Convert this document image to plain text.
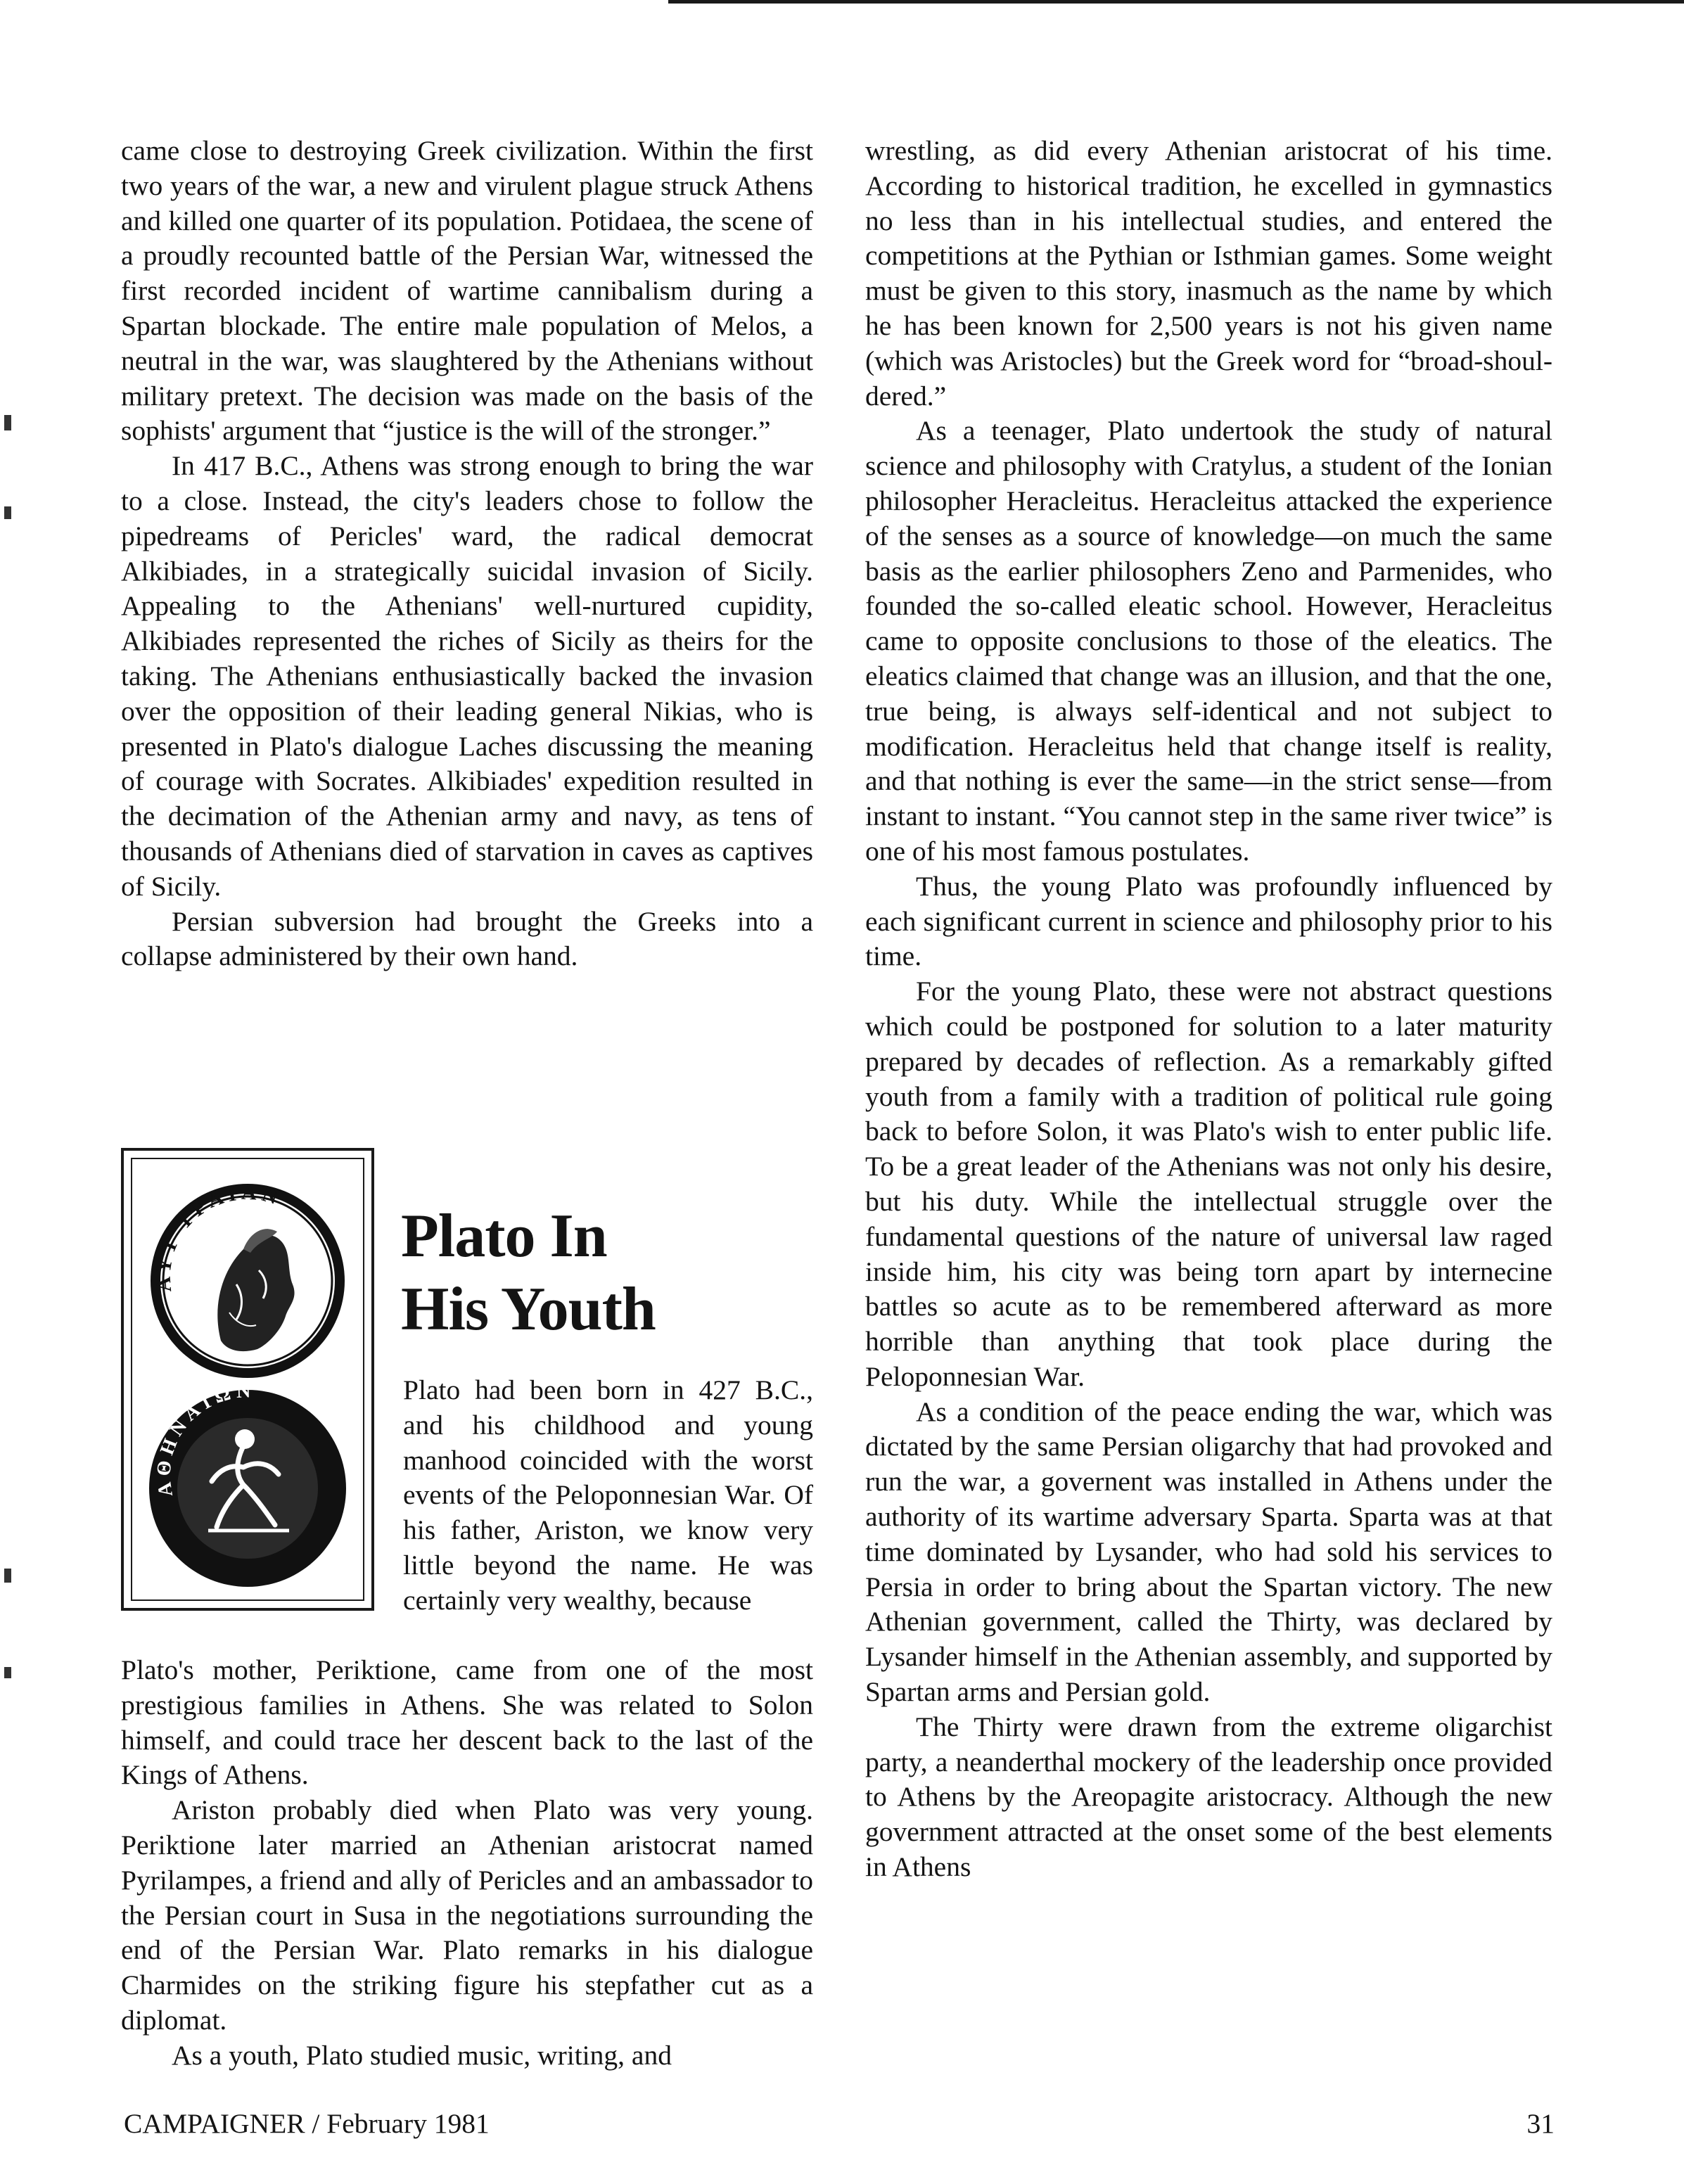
came close to destroying Greek civilization. Within the first two years of the war, a new and virulent plague struck Athens and killed one quarter of its population. Potidaea, the scene of a proudly recounted battle of the Persian War, witnessed the first recorded incident of wartime cannibalism during a Spartan blockade. The entire male population of Melos, a neutral in the war, was slaughtered by the Athenians without military pretext. The decision was made on the basis of the sophists' argument that “justice is the will of the stronger.”

In 417 B.C., Athens was strong enough to bring the war to a close. Instead, the city's leaders chose to follow the pipedreams of Pericles' ward, the radical democrat Alkibiades, in a strategically suicidal invasion of Sicily. Appealing to the Athenians' well-nurtured cupidity, Alkibiades represented the riches of Sicily as theirs for the taking. The Athenians enthusiastically backed the invasion over the opposition of their leading general Nikias, who is presented in Plato's dialogue Laches discussing the meaning of courage with Socrates. Alkibiades' expedition resulted in the decimation of the Athenian army and navy, as tens of thousands of Athenians died of starvation in caves as captives of Sicily.

Persian subversion had brought the Greeks into a collapse administered by their own hand.

AYT TPAIAN
AΘHNAIΩN
Plato In
His Youth

Plato had been born in 427 B.C., and his childhood and young manhood coincided with the worst events of the Peloponnesian War. Of his father, Ariston, we know very little beyond the name. He was certainly very wealthy, because

Plato's mother, Periktione, came from one of the most prestigious families in Athens. She was related to Solon himself, and could trace her descent back to the last of the Kings of Athens.

Ariston probably died when Plato was very young. Periktione later married an Athenian aristocrat named Pyrilampes, a friend and ally of Pericles and an ambassador to the Persian court in Susa in the negotiations surrounding the end of the Persian War. Plato remarks in his dialogue Charmides on the striking figure his stepfather cut as a diplomat.

As a youth, Plato studied music, writing, and

wrestling, as did every Athenian aristocrat of his time. According to historical tradition, he excelled in gymnastics no less than in his intellectual studies, and entered the competitions at the Pythian or Isthmian games. Some weight must be given to this story, inasmuch as the name by which he has been known for 2,500 years is not his given name (which was Aristocles) but the Greek word for “broad-shouldered.”

As a teenager, Plato undertook the study of natural science and philosophy with Cratylus, a student of the Ionian philosopher Heracleitus. Heracleitus attacked the experience of the senses as a source of knowledge—on much the same basis as the earlier philosophers Zeno and Parmenides, who founded the so-called eleatic school. However, Heracleitus came to opposite conclusions to those of the eleatics. The eleatics claimed that change was an illusion, and that the one, true being, is always self-identical and not subject to modification. Heracleitus held that change itself is reality, and that nothing is ever the same—in the strict sense—from instant to instant. “You cannot step in the same river twice” is one of his most famous postulates.

Thus, the young Plato was profoundly influenced by each significant current in science and philosophy prior to his time.

For the young Plato, these were not abstract questions which could be postponed for solution to a later maturity prepared by decades of reflection. As a remarkably gifted youth from a family with a tradition of political rule going back to before Solon, it was Plato's wish to enter public life. To be a great leader of the Athenians was not only his desire, but his duty. While the intellectual struggle over the fundamental questions of the nature of universal law raged inside him, his city was being torn apart by internecine battles so acute as to be remembered afterward as more horrible than anything that took place during the Peloponnesian War.

As a condition of the peace ending the war, which was dictated by the same Persian oligarchy that had provoked and run the war, a governent was installed in Athens under the authority of its wartime adversary Sparta. Sparta was at that time dominated by Lysander, who had sold his services to Persia in order to bring about the Spartan victory. The new Athenian government, called the Thirty, was declared by Lysander himself in the Athenian assembly, and supported by Spartan arms and Persian gold.

The Thirty were drawn from the extreme oligarchist party, a neanderthal mockery of the leadership once provided to Athens by the Areopagite aristocracy. Although the new government attracted at the onset some of the best elements in Athens

CAMPAIGNER / February 1981	31
